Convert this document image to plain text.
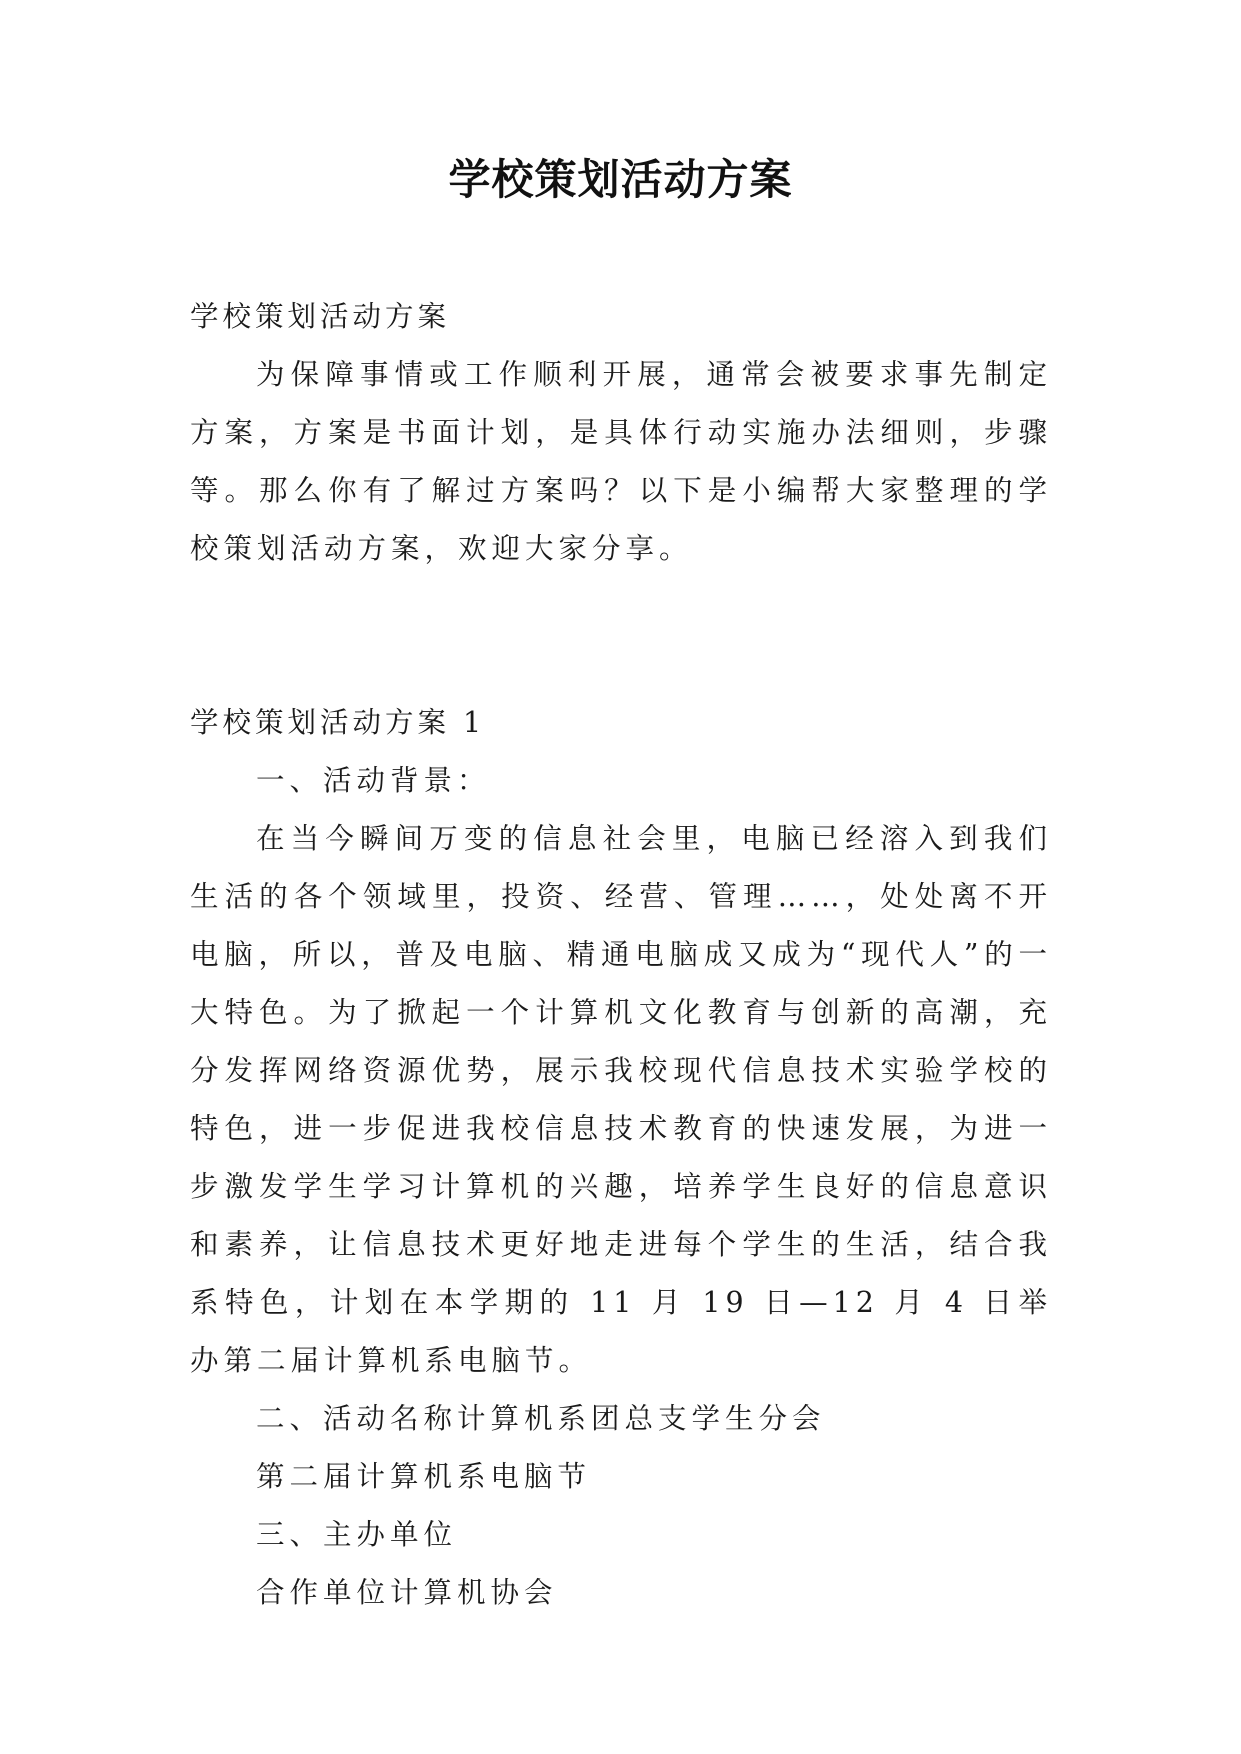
学校策划活动方案

学校策划活动方案

为保障事情或工作顺利开展，通常会被要求事先制定方案，方案是书面计划，是具体行动实施办法细则，步骤等。那么你有了解过方案吗？以下是小编帮大家整理的学校策划活动方案，欢迎大家分享。

学校策划活动方案 1

一、活动背景：

在当今瞬间万变的信息社会里，电脑已经溶入到我们生活的各个领域里，投资、经营、管理……，处处离不开电脑，所以，普及电脑、精通电脑成又成为“现代人”的一大特色。为了掀起一个计算机文化教育与创新的高潮，充分发挥网络资源优势，展示我校现代信息技术实验学校的特色，进一步促进我校信息技术教育的快速发展，为进一步激发学生学习计算机的兴趣，培养学生良好的信息意识和素养，让信息技术更好地走进每个学生的生活，结合我系特色，计划在本学期的 11 月 19 日—12 月 4 日举办第二届计算机系电脑节。

二、活动名称计算机系团总支学生分会

第二届计算机系电脑节

三、主办单位

合作单位计算机协会
